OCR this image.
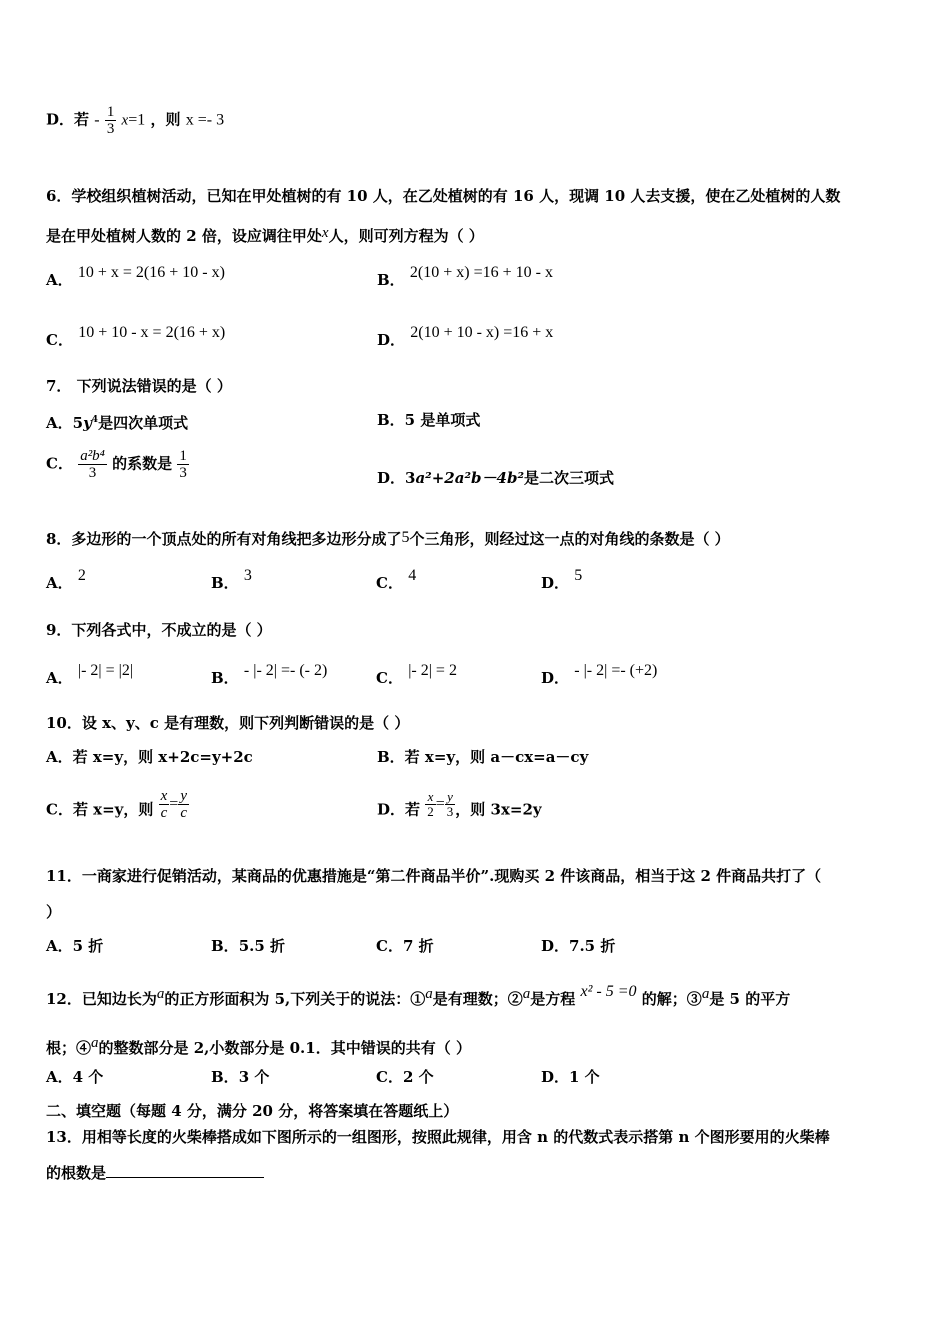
D．若 - $\frac{1}{3} x=1$ ，则 x =- 3
6．学校组织植树活动，已知在甲处植树的有 10 人，在乙处植树的有 16 人，现调 10 人去支援，使在乙处植树的人数
是在甲处植树人数的 2 倍，设应调往甲处x人，则可列方程为（ ）
A． 10 + x = 2(16 + 10 - x)	B． 2(10 + x) =16 + 10 - x
C． 10 + 10 - x = 2(16 + x)	D． 2(10 + 10 - x) =16 + x
7． 下列说法错误的是（ ）
A．$5y^4$是四次单项式	B．5 是单项式
C． $\frac{\text{a²b⁴}}{3}$ 的系数是 $\frac{1}{3}$	D．3a²+2a²b－4b²是二次三项式
8．多边形的一个顶点处的所有对角线把多边形分成了5个三角形，则经过这一点的对角线的条数是（ ）
A． 2	B． 3	C． 4	D． 5
9．下列各式中，不成立的是（ ）
A． |- 2| = |2|	B． - |- 2| =- (- 2)	C． |- 2| = 2	D． - |- 2| =- (+2)
10．设 x、y、c 是有理数，则下列判断错误的是（ ）
A．若 x=y，则 x+2c=y+2c	B．若 x=y，则 a－cx=a－cy
C．若 x=y，则 $\frac{x}{c} = \frac{y}{c}$	D．若 $\frac{x}{2} = \frac{y}{3}$ ，则 3x=2y
11．一商家进行促销活动，某商品的优惠措施是“第二件商品半价”.现购买 2 件该商品，相当于这 2 件商品共打了（
）
A．5 折	B．5.5 折	C．7 折	D．7.5 折
12．已知边长为a的正方形面积为 5,下列关于的说法：①a是有理数；②a是方程 x² - 5 =0 的解；③a是 5 的平方
根；④a的整数部分是 2,小数部分是 0.1．其中错误的共有（ ）
A．4 个	B．3 个	C．2 个	D．1 个
二、填空题（每题 4 分，满分 20 分，将答案填在答题纸上）
13．用相等长度的火柴棒搭成如下图所示的一组图形，按照此规律，用含 n 的代数式表示搭第 n 个图形要用的火柴棒
的根数是
